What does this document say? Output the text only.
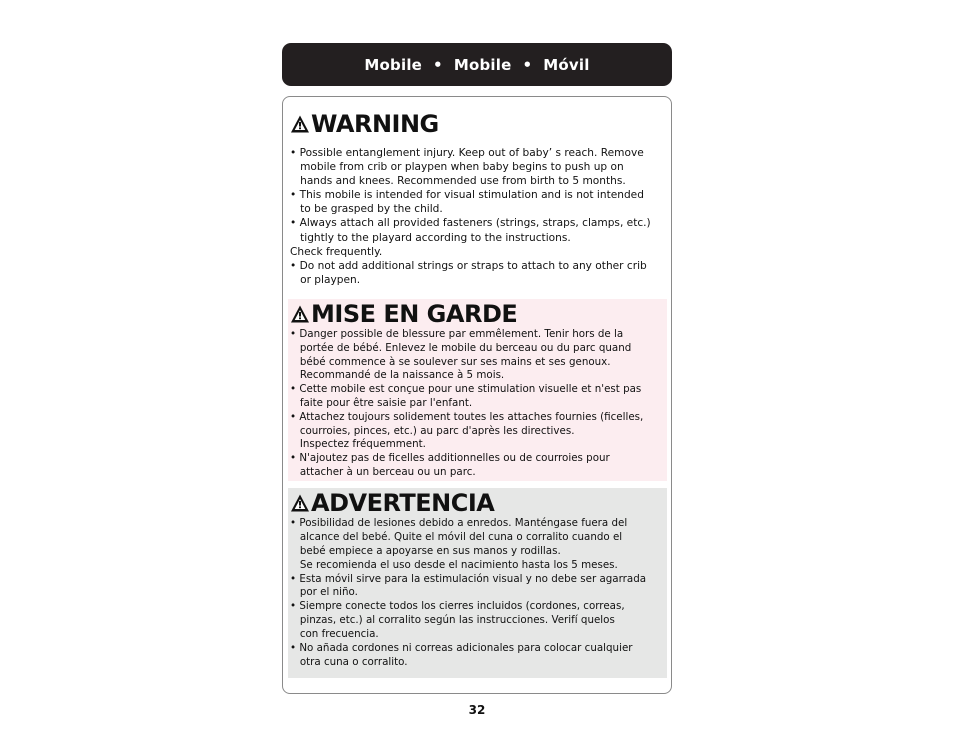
Mobile • Mobile • Móvil
WARNING
• Possible entanglement injury. Keep out of baby’ s reach. Remove
mobile from crib or playpen when baby begins to push up on
hands and knees. Recommended use from birth to 5 months.
• This mobile is intended for visual stimulation and is not intended
to be grasped by the child.
• Always attach all provided fasteners (strings, straps, clamps, etc.)
tightly to the playard according to the instructions.
Check frequently.
• Do not add additional strings or straps to attach to any other crib
or playpen.
MISE EN GARDE
• Danger possible de blessure par emmêlement. Tenir hors de la
portée de bébé. Enlevez le mobile du berceau ou du parc quand
bébé commence à se soulever sur ses mains et ses genoux.
Recommandé de la naissance à 5 mois.
• Cette mobile est conçue pour une stimulation visuelle et n'est pas
faite pour être saisie par l'enfant.
• Attachez toujours solidement toutes les attaches fournies (ficelles,
courroies, pinces, etc.) au parc d'après les directives.
Inspectez fréquemment.
• N'ajoutez pas de ficelles additionnelles ou de courroies pour
attacher à un berceau ou un parc.
ADVERTENCIA
• Posibilidad de lesiones debido a enredos. Manténgase fuera del
alcance del bebé. Quite el móvil del cuna o corralito cuando el
bebé empiece a apoyarse en sus manos y rodillas.
Se recomienda el uso desde el nacimiento hasta los 5 meses.
• Esta móvil sirve para la estimulación visual y no debe ser agarrada
por el niño.
• Siempre conecte todos los cierres incluidos (cordones, correas,
pinzas, etc.) al corralito según las instrucciones. Verifí quelos
con frecuencia.
• No añada cordones ni correas adicionales para colocar cualquier
otra cuna o corralito.
32
